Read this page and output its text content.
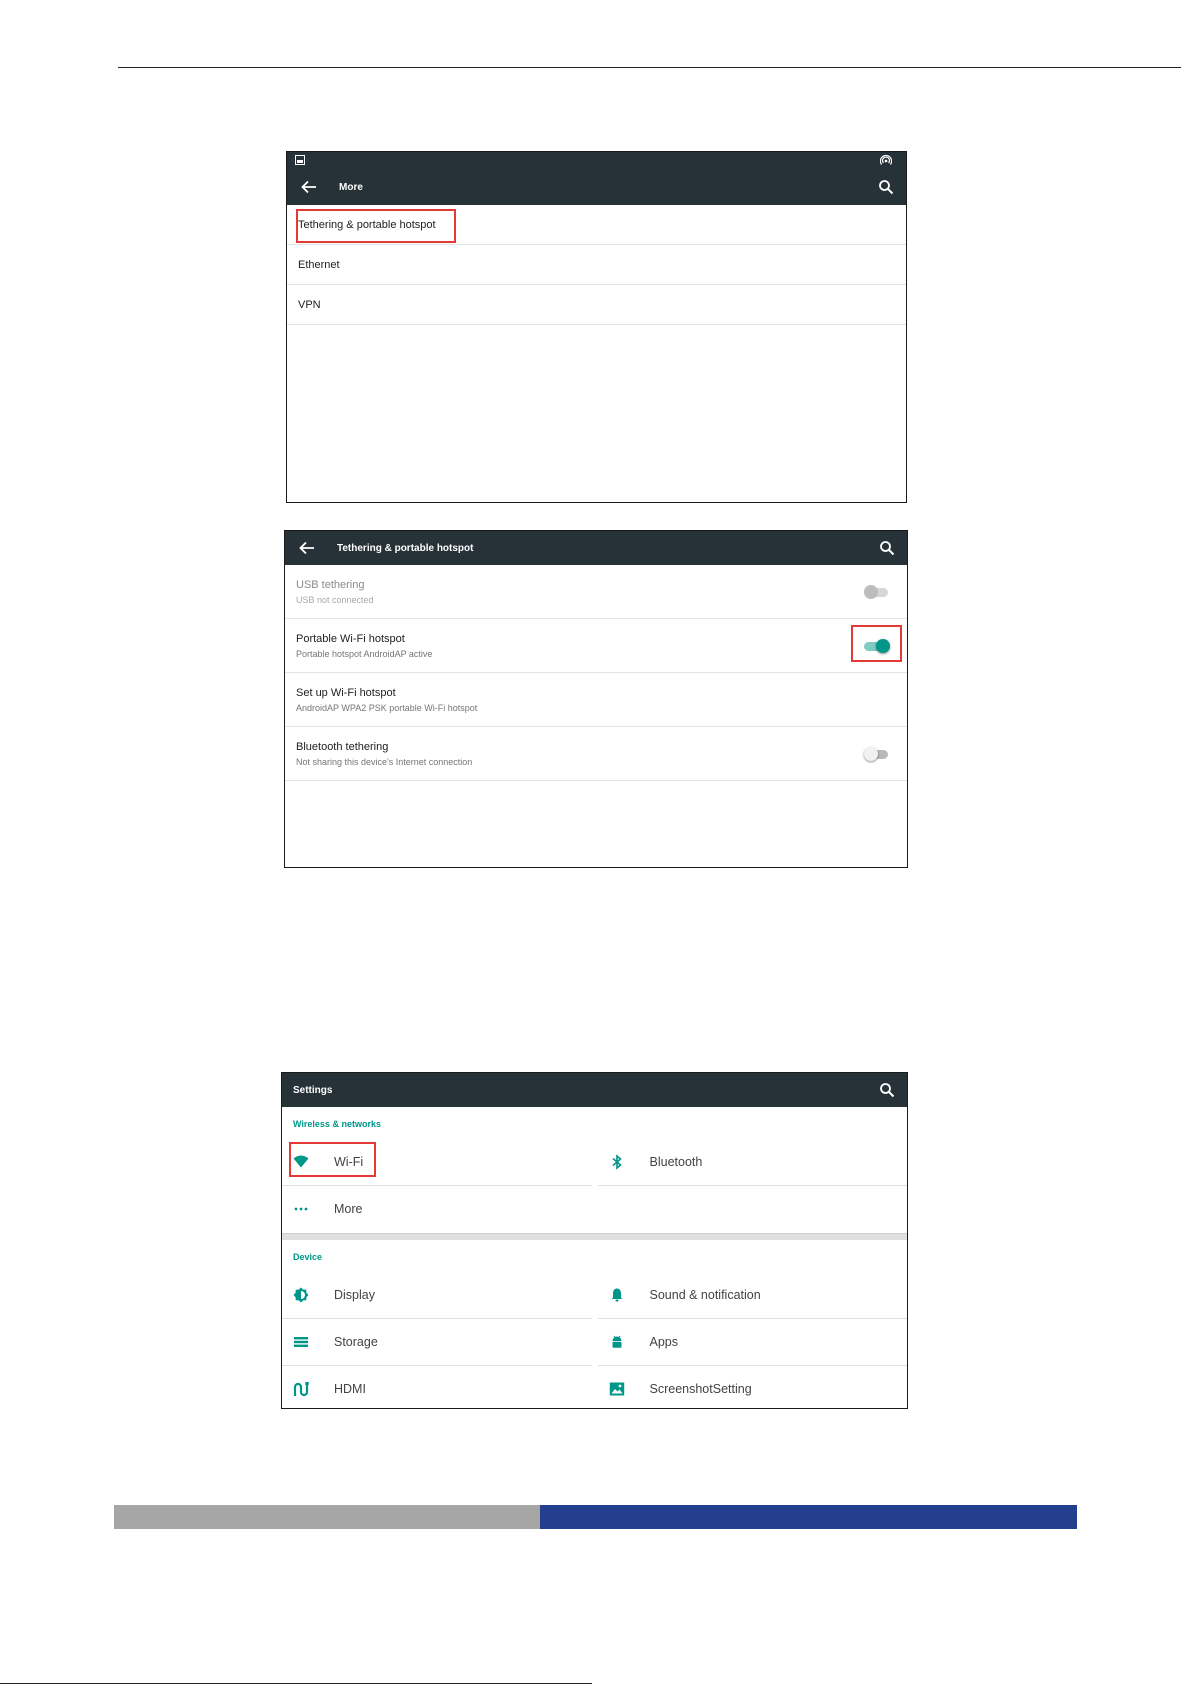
More
Tethering & portable hotspot
Ethernet
VPN
Tethering & portable hotspot
USB tethering
USB not connected
Portable Wi-Fi hotspot
Portable hotspot AndroidAP active
Set up Wi-Fi hotspot
AndroidAP WPA2 PSK portable Wi-Fi hotspot
Bluetooth tethering
Not sharing this device's Internet connection
Settings
Wireless & networks
Wi-Fi	Bluetooth
More
Device
Display	Sound & notification
Storage	Apps
HDMI	ScreenshotSetting
